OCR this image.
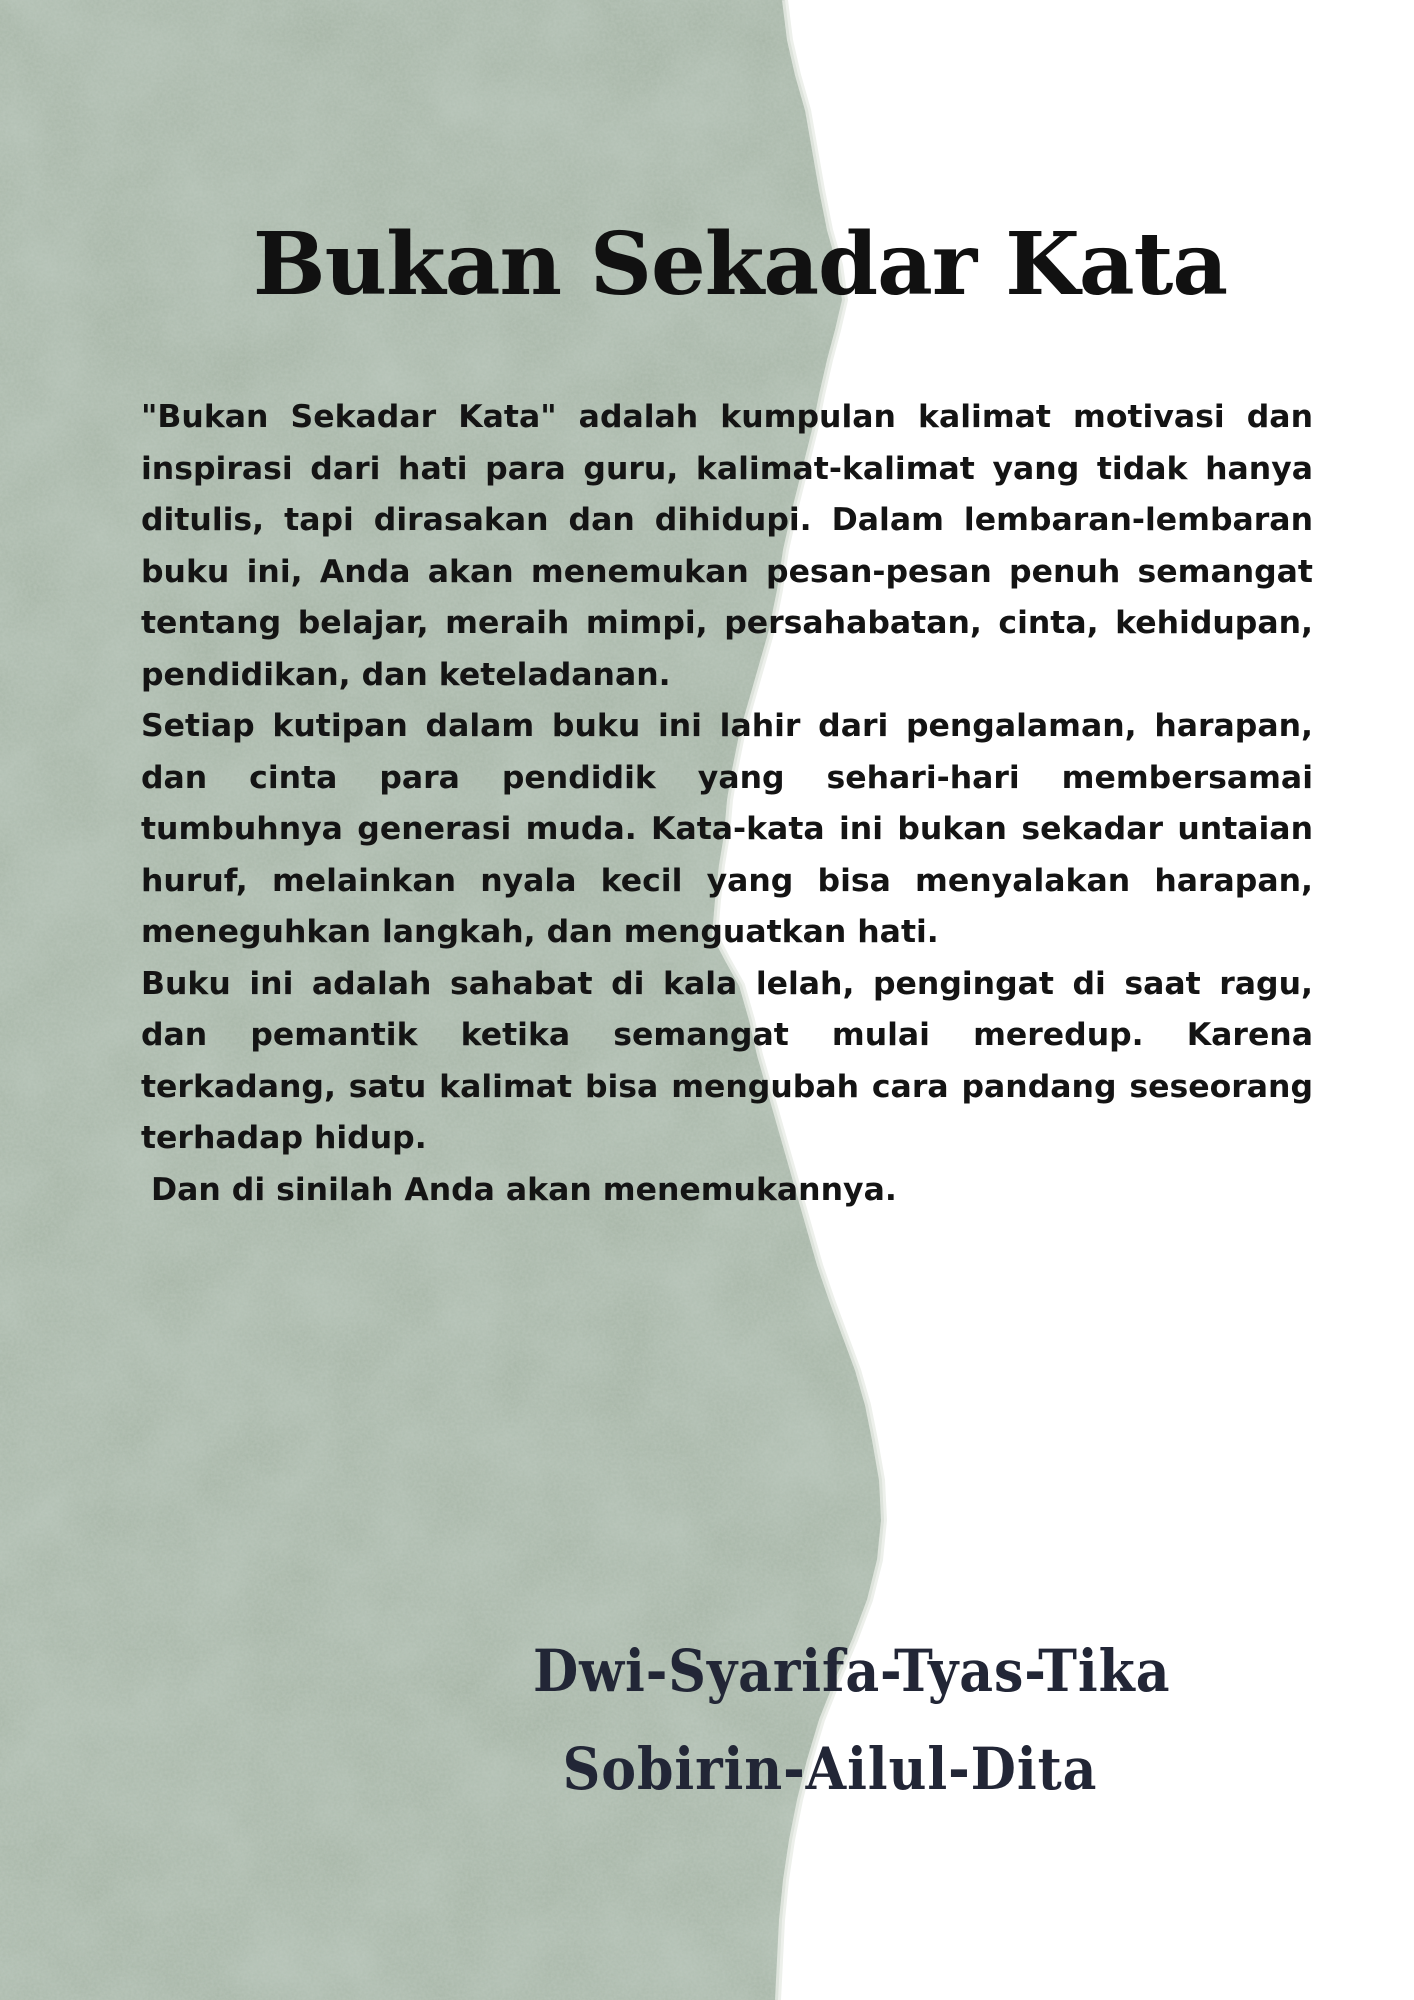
Bukan Sekadar Kata

"Bukan Sekadar Kata" adalah kumpulan kalimat motivasi dan inspirasi dari hati para guru, kalimat-kalimat yang tidak hanya ditulis, tapi dirasakan dan dihidupi. Dalam lembaran-lembaran buku ini, Anda akan menemukan pesan-pesan penuh semangat tentang belajar, meraih mimpi, persahabatan, cinta, kehidupan, pendidikan, dan keteladanan.

Setiap kutipan dalam buku ini lahir dari pengalaman, harapan, dan cinta para pendidik yang sehari-hari membersamai tumbuhnya generasi muda. Kata-kata ini bukan sekadar untaian huruf, melainkan nyala kecil yang bisa menyalakan harapan, meneguhkan langkah, dan menguatkan hati.

Buku ini adalah sahabat di kala lelah, pengingat di saat ragu, dan pemantik ketika semangat mulai meredup. Karena terkadang, satu kalimat bisa mengubah cara pandang seseorang terhadap hidup.

Dan di sinilah Anda akan menemukannya.

Dwi-Syarifa-Tyas-Tika
Sobirin-Ailul-Dita
